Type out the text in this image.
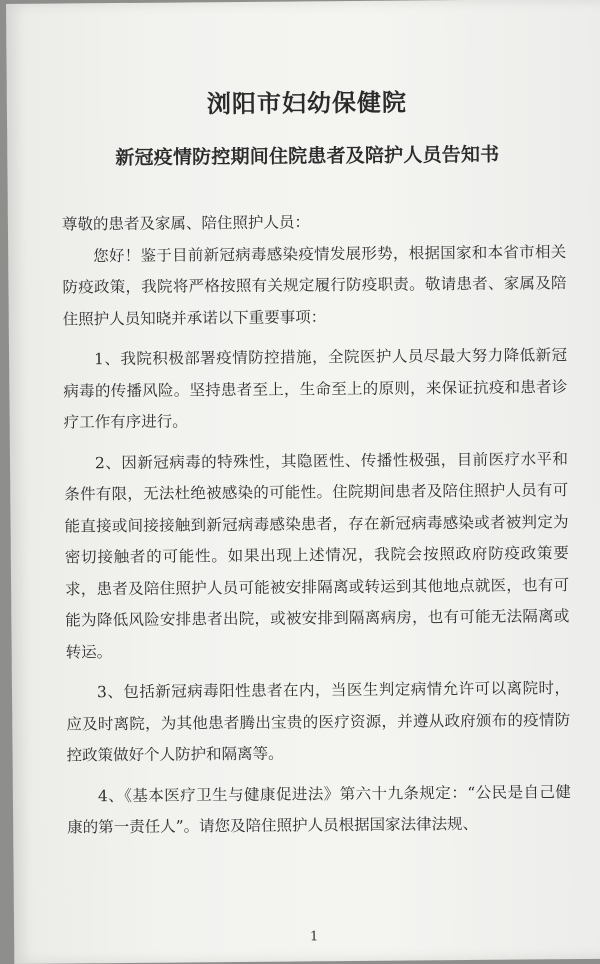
浏阳市妇幼保健院
新冠疫情防控期间住院患者及陪护人员告知书

尊敬的患者及家属、陪住照护人员：

您好！鉴于目前新冠病毒感染疫情发展形势，根据国家和本省市相关防疫政策，我院将严格按照有关规定履行防疫职责。敬请患者、家属及陪住照护人员知晓并承诺以下重要事项：

1、我院积极部署疫情防控措施，全院医护人员尽最大努力降低新冠病毒的传播风险。坚持患者至上，生命至上的原则，来保证抗疫和患者诊疗工作有序进行。

2、因新冠病毒的特殊性，其隐匿性、传播性极强，目前医疗水平和条件有限，无法杜绝被感染的可能性。住院期间患者及陪住照护人员有可能直接或间接接触到新冠病毒感染患者，存在新冠病毒感染或者被判定为密切接触者的可能性。如果出现上述情况，我院会按照政府防疫政策要求，患者及陪住照护人员可能被安排隔离或转运到其他地点就医，也有可能为降低风险安排患者出院，或被安排到隔离病房，也有可能无法隔离或转运。

3、包括新冠病毒阳性患者在内，当医生判定病情允许可以离院时，应及时离院，为其他患者腾出宝贵的医疗资源，并遵从政府颁布的疫情防控政策做好个人防护和隔离等。

4、《基本医疗卫生与健康促进法》第六十九条规定：“公民是自己健康的第一责任人”。请您及陪住照护人员根据国家法律法规、

1
